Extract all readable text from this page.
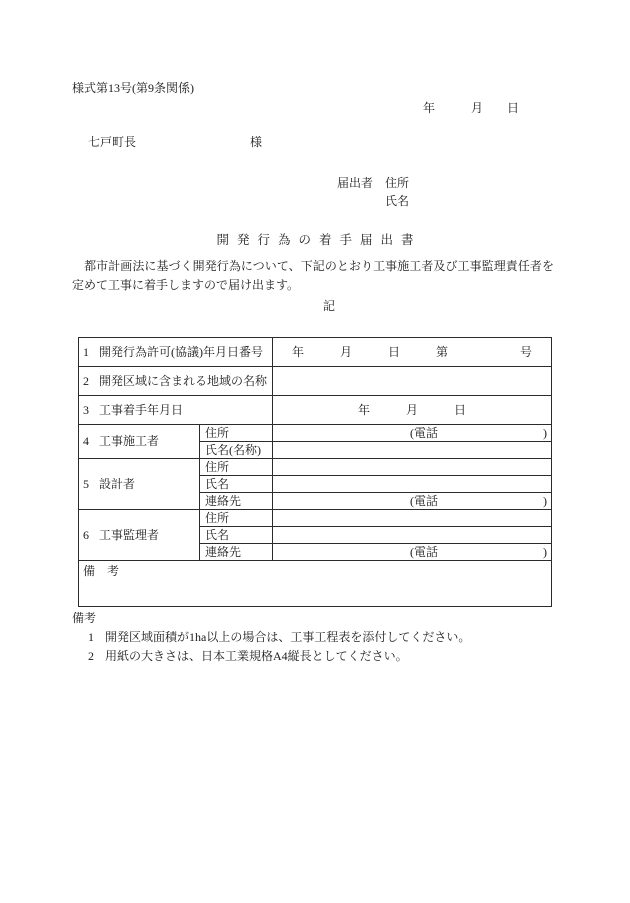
様式第13号(第9条関係)
年　　　月　　日
七戸町長	様
届出者 住所
氏名
開発行為の着手届出書
　都市計画法に基づく開発行為について、下記のとおり工事施工者及び工事監理責任者を定めて工事に着手しますので届け出ます。
記
1 開発行為許可(協議)年月日番号		年　　　月　　　日　　　第　　　　　　号
2 開発区域に含まれる地域の名称		
3 工事着手年月日		年　　　月　　　日
4 工事施工者	住所	(電話 )

	氏名(名称)	
5 設計者	住所	
	氏名	
	連絡先	(電話 )

6 工事監理者	住所	
	氏名	
	連絡先	(電話 )

備　考		
備考
1 開発区域面積が1ha以上の場合は、工事工程表を添付してください。
2 用紙の大きさは、日本工業規格A4縦長としてください。
